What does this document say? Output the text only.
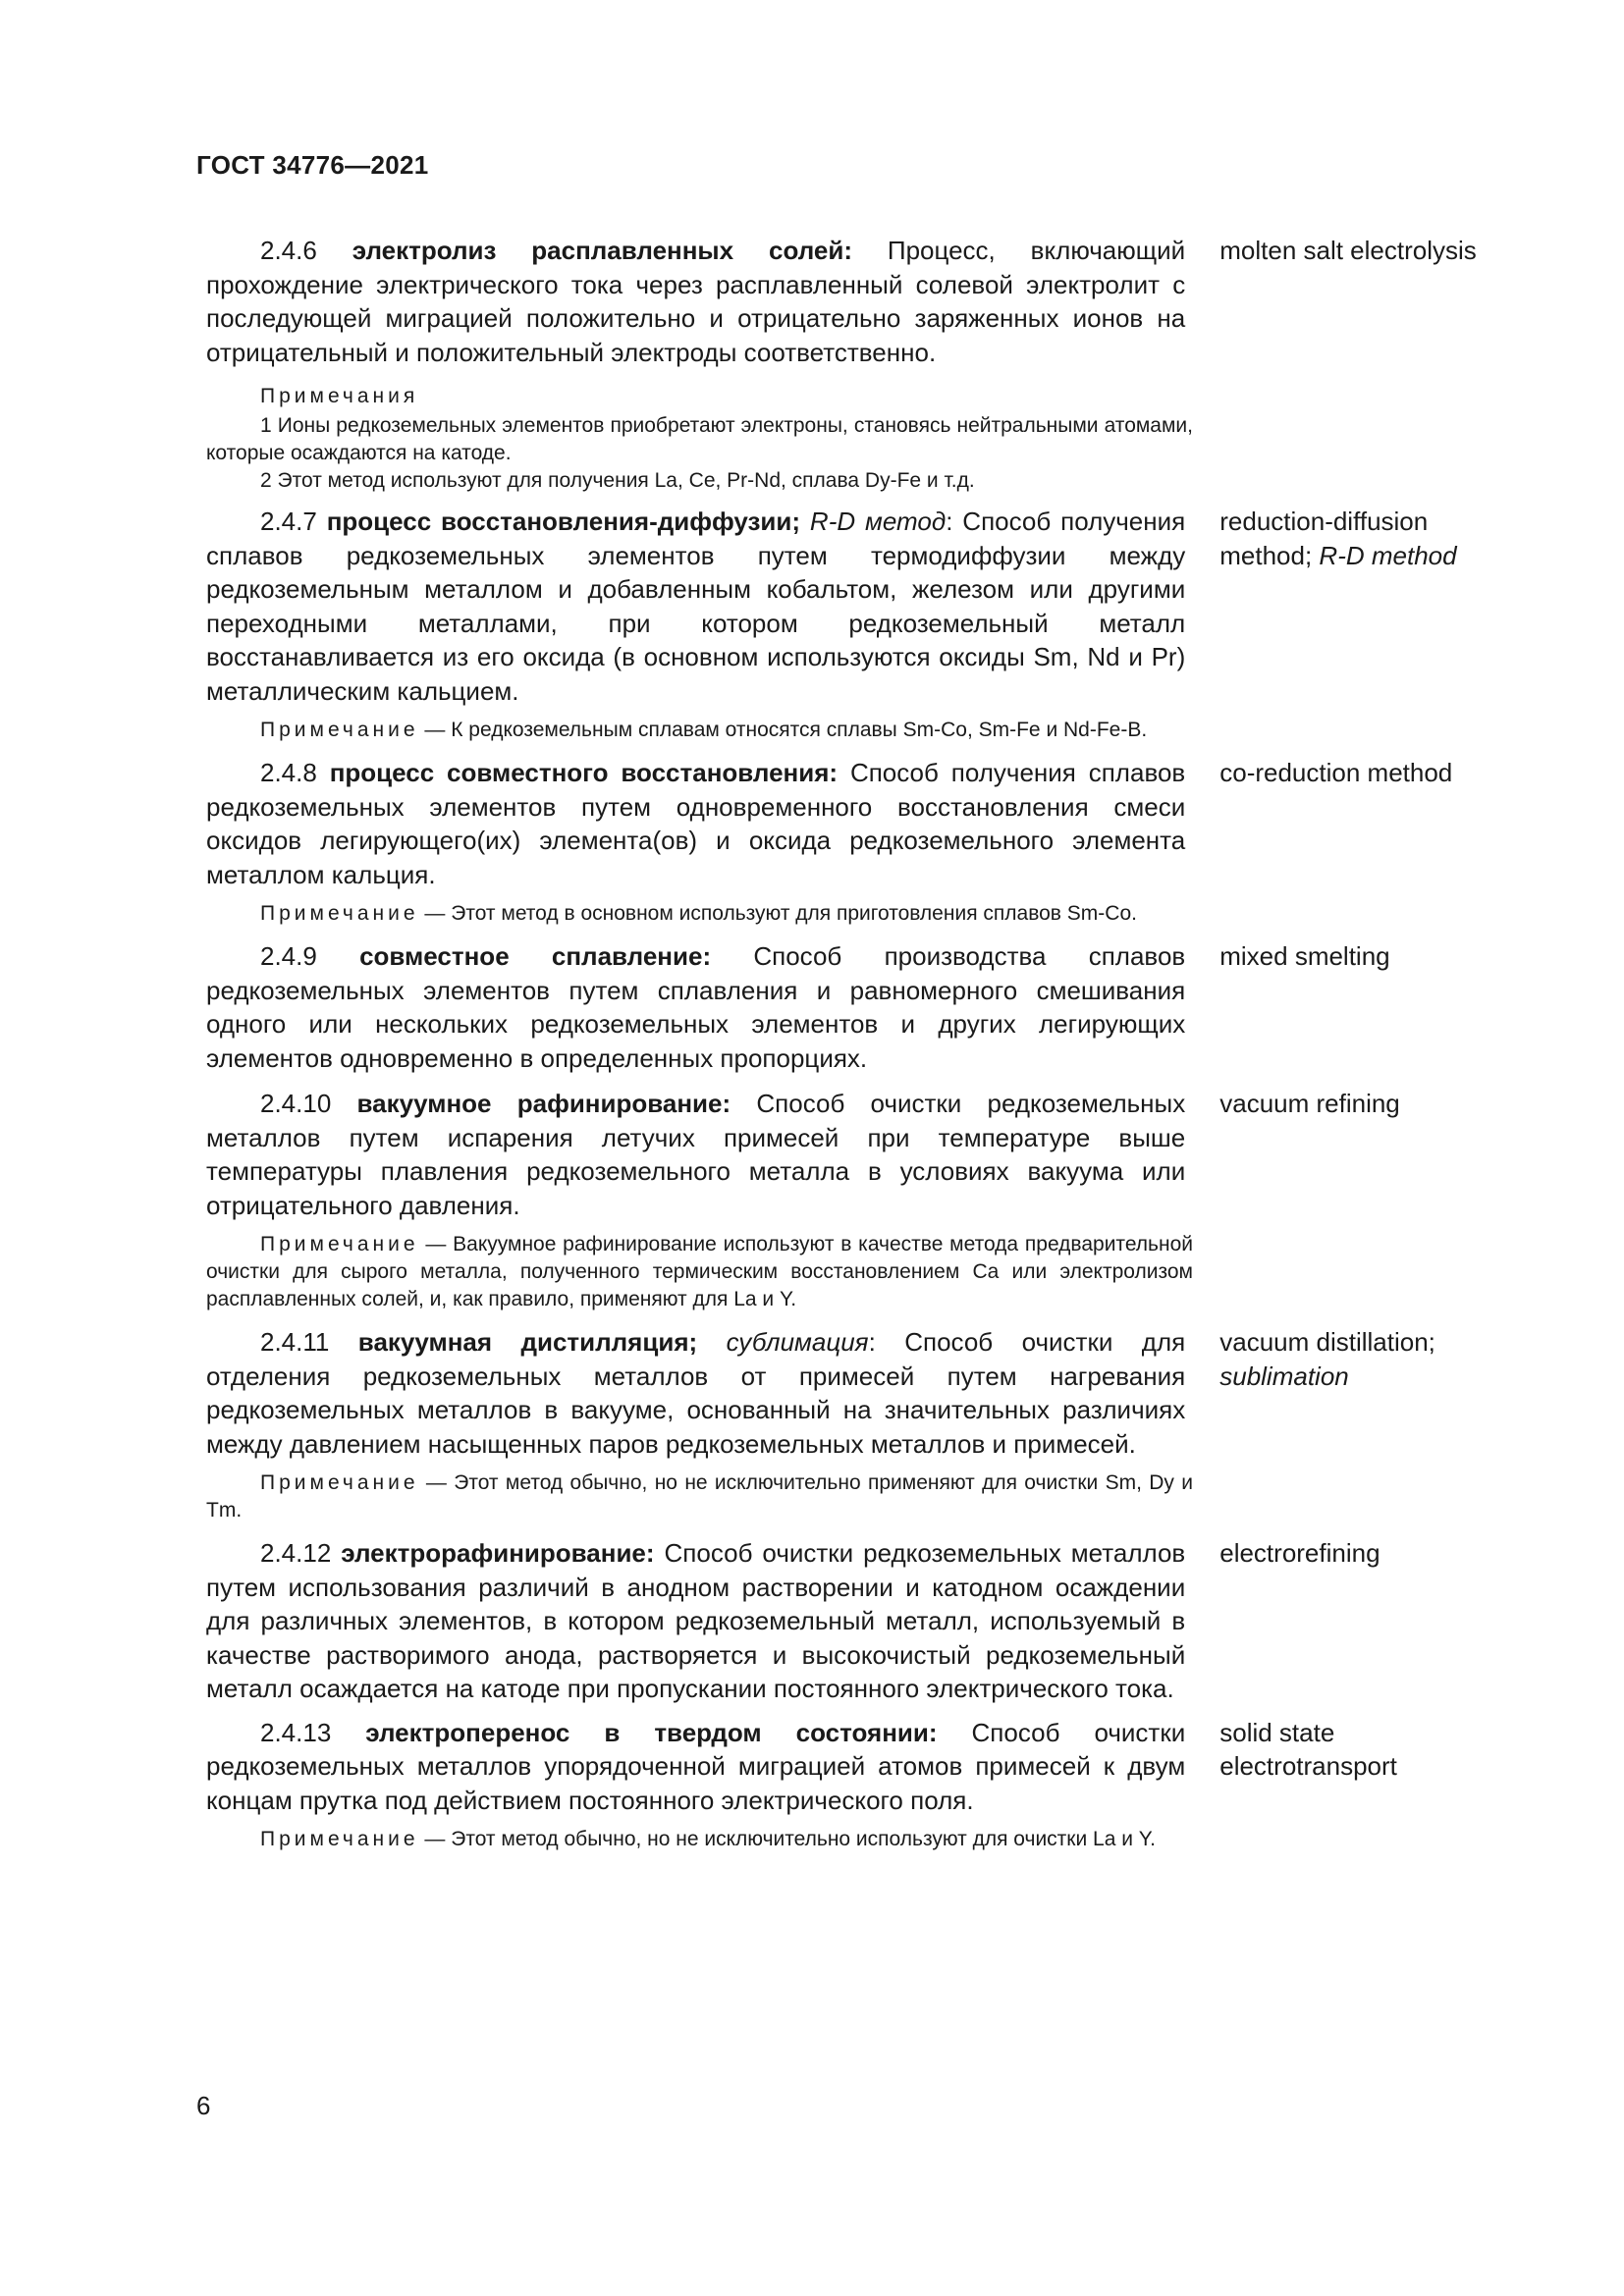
ГОСТ 34776—2021
2.4.6 электролиз расплавленных солей: Процесс, включающий прохождение электрического тока через расплавленный солевой электролит с последующей миграцией положительно и отрицательно заряженных ионов на отрицательный и положительный электроды соответственно.
molten salt electrolysis
Примечания
1 Ионы редкоземельных элементов приобретают электроны, становясь нейтральными атомами, которые осаждаются на катоде.
2 Этот метод используют для получения La, Ce, Pr-Nd, сплава Dy-Fe и т.д.
2.4.7 процесс восстановления-диффузии; R-D метод: Способ получения сплавов редкоземельных элементов путем термодиффузии между редкоземельным металлом и добавленным кобальтом, железом или другими переходными металлами, при котором редкоземельный металл восстанавливается из его оксида (в основном используются оксиды Sm, Nd и Pr) металлическим кальцием.
reduction-diffusion method; R-D method
Примечание — К редкоземельным сплавам относятся сплавы Sm-Co, Sm-Fe и Nd-Fe-B.
2.4.8 процесс совместного восстановления: Способ получения сплавов редкоземельных элементов путем одновременного восстановления смеси оксидов легирующего(их) элемента(ов) и оксида редкоземельного элемента металлом кальция.
co-reduction method
Примечание — Этот метод в основном используют для приготовления сплавов Sm-Co.
2.4.9 совместное сплавление: Способ производства сплавов редкоземельных элементов путем сплавления и равномерного смешивания одного или нескольких редкоземельных элементов и других легирующих элементов одновременно в определенных пропорциях.
mixed smelting
2.4.10 вакуумное рафинирование: Способ очистки редкоземельных металлов путем испарения летучих примесей при температуре выше температуры плавления редкоземельного металла в условиях вакуума или отрицательного давления.
vacuum refining
Примечание — Вакуумное рафинирование используют в качестве метода предварительной очистки для сырого металла, полученного термическим восстановлением Ca или электролизом расплавленных солей, и, как правило, применяют для La и Y.
2.4.11 вакуумная дистилляция; сублимация: Способ очистки для отделения редкоземельных металлов от примесей путем нагревания редкоземельных металлов в вакууме, основанный на значительных различиях между давлением насыщенных паров редкоземельных металлов и примесей.
vacuum distillation;
sublimation
Примечание — Этот метод обычно, но не исключительно применяют для очистки Sm, Dy и Tm.
2.4.12 электрорафинирование: Способ очистки редкоземельных металлов путем использования различий в анодном растворении и катодном осаждении для различных элементов, в котором редкоземельный металл, используемый в качестве растворимого анода, растворяется и высокочистый редкоземельный металл осаждается на катоде при пропускании постоянного электрического тока.
electrorefining
2.4.13 электроперенос в твердом состоянии: Способ очистки редкоземельных металлов упорядоченной миграцией атомов примесей к двум концам прутка под действием постоянного электрического поля.
solid state electrotransport
Примечание — Этот метод обычно, но не исключительно используют для очистки La и Y.
6
